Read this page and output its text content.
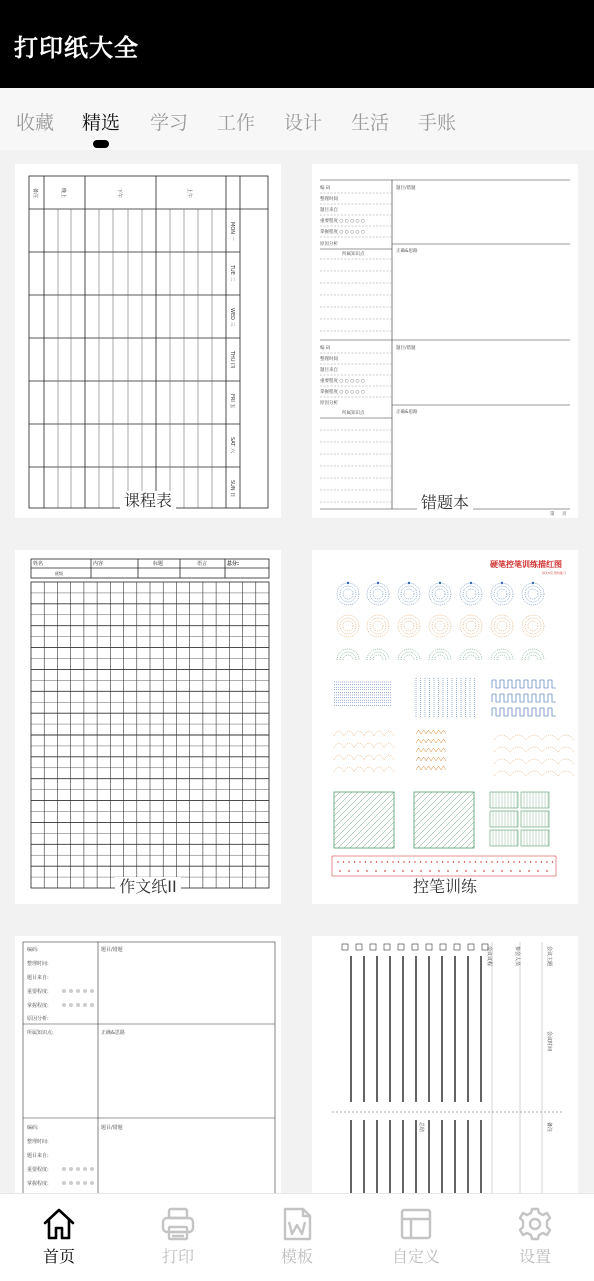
打印纸大全
收藏 精选 学习 工作 设计 生活 手账
备注	晚上	下午	上午
MON 一
TUE 二
WED 三
THU 四
FRI 五
SAT 六
SUN 日
课程表
编 码
整理时间
题目来自
重要程度 ○ ○ ○ ○ ○
掌握程度 ○ ○ ○ ○ ○
原因分析
题目/错题
所属知识点
正确&思路
编 码
整理时间
题目来自
重要程度 ○ ○ ○ ○ ○
掌握程度 ○ ○ ○ ○ ○
原因分析
题目/错题
所属知识点	正确&思路
第 页
错题本
姓名	内容	标题	语言	总分:
班级
作文纸II
硬笔控笔训练描红图
每天5页 坚持练习
控笔训练
编码:
整理时间:
题目来自:
重要程度:
掌握程度:
原因分析:
题目/错题
所属知识点:	正确&思路
编码:
整理时间:
题目来自:
重要程度:
掌握程度:
题目/错题
会议主题
会议时间
参会人员
会议议程
备注
总结
首页	打印	模板	自定义	设置
